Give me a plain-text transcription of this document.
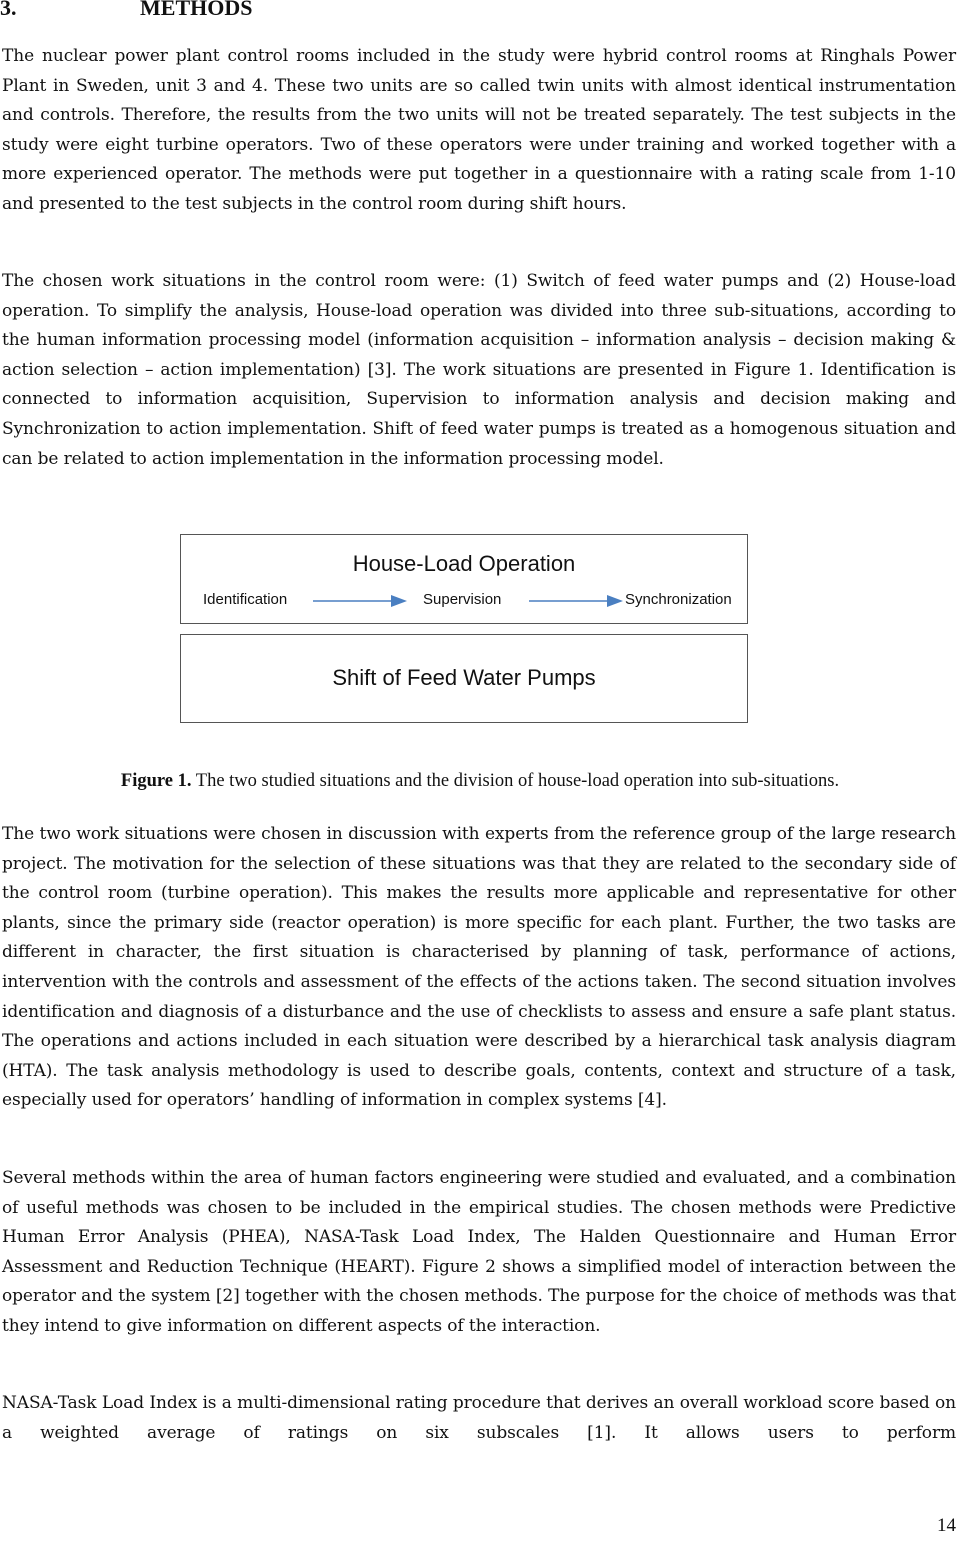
3.	METHODS

The nuclear power plant control rooms included in the study were hybrid control rooms at Ringhals Power Plant in Sweden, unit 3 and 4. These two units are so called twin units with almost identical instrumentation and controls. Therefore, the results from the two units will not be treated separately. The test subjects in the study were eight turbine operators. Two of these operators were under training and worked together with a more experienced operator. The methods were put together in a questionnaire with a rating scale from 1-10 and presented to the test subjects in the control room during shift hours.

The chosen work situations in the control room were: (1) Switch of feed water pumps and (2) House-load operation. To simplify the analysis, House-load operation was divided into three sub-situations, according to the human information processing model (information acquisition – information analysis – decision making & action selection – action implementation) [3]. The work situations are presented in Figure 1. Identification is connected to information acquisition, Supervision to information analysis and decision making and Synchronization to action implementation. Shift of feed water pumps is treated as a homogenous situation and can be related to action implementation in the information processing model.

House-Load Operation
Identification	Supervision	Synchronization
Shift of Feed Water Pumps
Figure 1. The two studied situations and the division of house-load operation into sub-situations.

The two work situations were chosen in discussion with experts from the reference group of the large research project. The motivation for the selection of these situations was that they are related to the secondary side of the control room (turbine operation). This makes the results more applicable and representative for other plants, since the primary side (reactor operation) is more specific for each plant. Further, the two tasks are different in character, the first situation is characterised by planning of task, performance of actions, intervention with the controls and assessment of the effects of the actions taken. The second situation involves identification and diagnosis of a disturbance and the use of checklists to assess and ensure a safe plant status. The operations and actions included in each situation were described by a hierarchical task analysis diagram (HTA). The task analysis methodology is used to describe goals, contents, context and structure of a task, especially used for operators’ handling of information in complex systems [4].

Several methods within the area of human factors engineering were studied and evaluated, and a combination of useful methods was chosen to be included in the empirical studies. The chosen methods were Predictive Human Error Analysis (PHEA), NASA-Task Load Index, The Halden Questionnaire and Human Error Assessment and Reduction Technique (HEART). Figure 2 shows a simplified model of interaction between the operator and the system [2] together with the chosen methods. The purpose for the choice of methods was that they intend to give information on different aspects of the interaction.

NASA-Task Load Index is a multi-dimensional rating procedure that derives an overall workload score based on a weighted average of ratings on six subscales [1]. It allows users to perform

14
